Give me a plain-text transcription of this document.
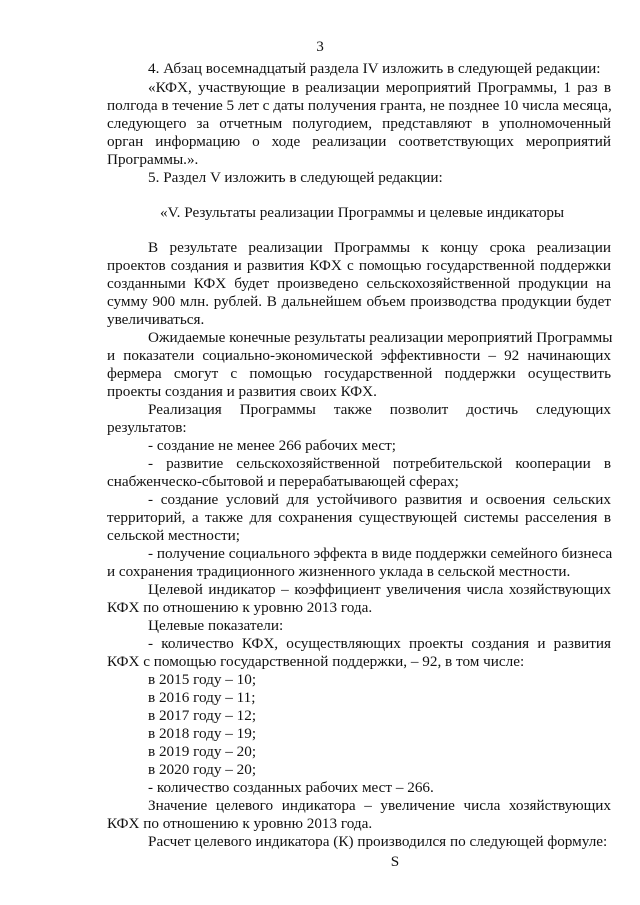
3
4. Абзац восемнадцатый раздела IV изложить в следующей редакции:
«КФХ, участвующие в реализации мероприятий Программы, 1 раз в
полгода в течение 5 лет с даты получения гранта, не позднее 10 числа месяца,
следующего за отчетным полугодием, представляют в уполномоченный
орган информацию о ходе реализации соответствующих мероприятий
Программы.».
5. Раздел V изложить в следующей редакции:
«V. Результаты реализации Программы и целевые индикаторы
В результате реализации Программы к концу срока реализации
проектов создания и развития КФХ с помощью государственной поддержки
созданными КФХ будет произведено сельскохозяйственной продукции на
сумму 900 млн. рублей. В дальнейшем объем производства продукции будет
увеличиваться.
Ожидаемые конечные результаты реализации мероприятий Программы
и показатели социально-экономической эффективности – 92 начинающих
фермера смогут с помощью государственной поддержки осуществить
проекты создания и развития своих КФХ.
Реализация Программы также позволит достичь следующих
результатов:
- создание не менее 266 рабочих мест;
- развитие сельскохозяйственной потребительской кооперации в
снабженческо-сбытовой и перерабатывающей сферах;
- создание условий для устойчивого развития и освоения сельских
территорий, а также для сохранения существующей системы расселения в
сельской местности;
- получение социального эффекта в виде поддержки семейного бизнеса
и сохранения традиционного жизненного уклада в сельской местности.
Целевой индикатор – коэффициент увеличения числа хозяйствующих
КФХ по отношению к уровню 2013 года.
Целевые показатели:
- количество КФХ, осуществляющих проекты создания и развития
КФХ с помощью государственной поддержки, – 92, в том числе:
в 2015 году – 10;
в 2016 году – 11;
в 2017 году – 12;
в 2018 году – 19;
в 2019 году – 20;
в 2020 году – 20;
- количество созданных рабочих мест – 266.
Значение целевого индикатора – увеличение числа хозяйствующих
КФХ по отношению к уровню 2013 года.
Расчет целевого индикатора (К) производился по следующей формуле:
S
